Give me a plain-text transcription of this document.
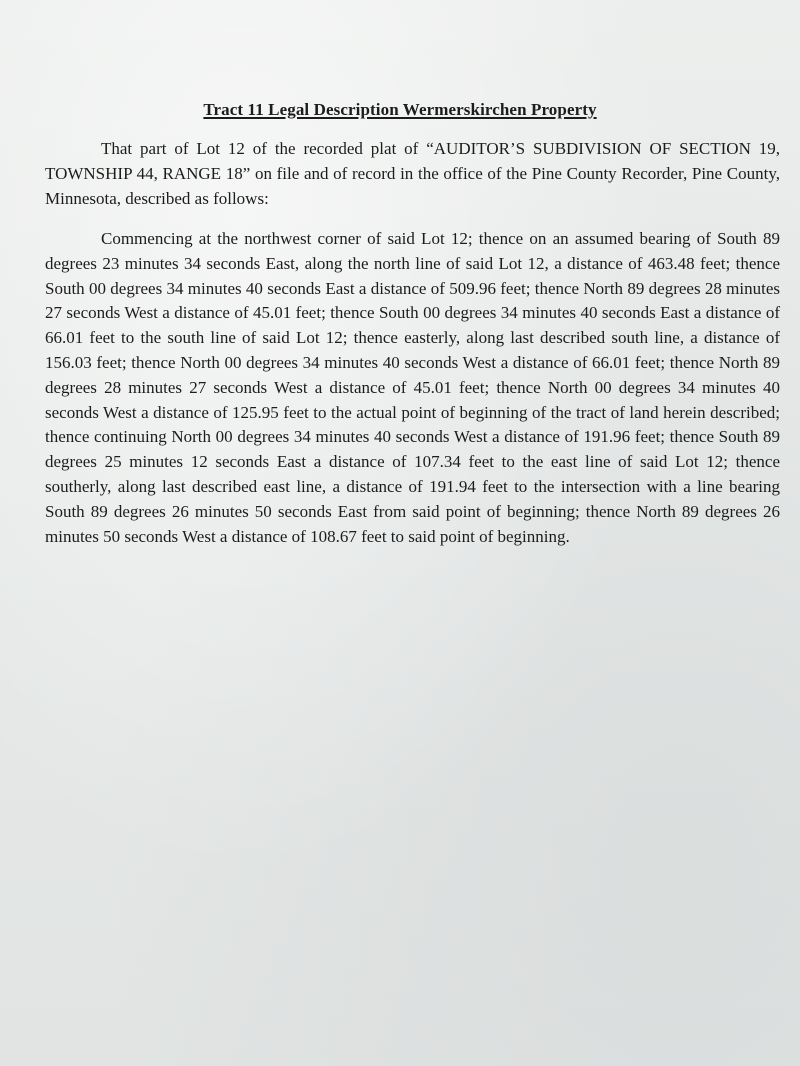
Tract 11 Legal Description Wermerskirchen Property

That part of Lot 12 of the recorded plat of “AUDITOR’S SUBDIVISION OF SECTION 19, TOWNSHIP 44, RANGE 18” on file and of record in the office of the Pine County Recorder, Pine County, Minnesota, described as follows:

Commencing at the northwest corner of said Lot 12; thence on an assumed bearing of South 89 degrees 23 minutes 34 seconds East, along the north line of said Lot 12, a distance of 463.48 feet; thence South 00 degrees 34 minutes 40 seconds East a distance of 509.96 feet; thence North 89 degrees 28 minutes 27 seconds West a distance of 45.01 feet; thence South 00 degrees 34 minutes 40 seconds East a distance of 66.01 feet to the south line of said Lot 12; thence easterly, along last described south line, a distance of 156.03 feet; thence North 00 degrees 34 minutes 40 seconds West a distance of 66.01 feet; thence North 89 degrees 28 minutes 27 seconds West a distance of 45.01 feet; thence North 00 degrees 34 minutes 40 seconds West a distance of 125.95 feet to the actual point of beginning of the tract of land herein described; thence continuing North 00 degrees 34 minutes 40 seconds West a distance of 191.96 feet; thence South 89 degrees 25 minutes 12 seconds East a distance of 107.34 feet to the east line of said Lot 12; thence southerly, along last described east line, a distance of 191.94 feet to the intersection with a line bearing South 89 degrees 26 minutes 50 seconds East from said point of beginning; thence North 89 degrees 26 minutes 50 seconds West a distance of 108.67 feet to said point of beginning.
